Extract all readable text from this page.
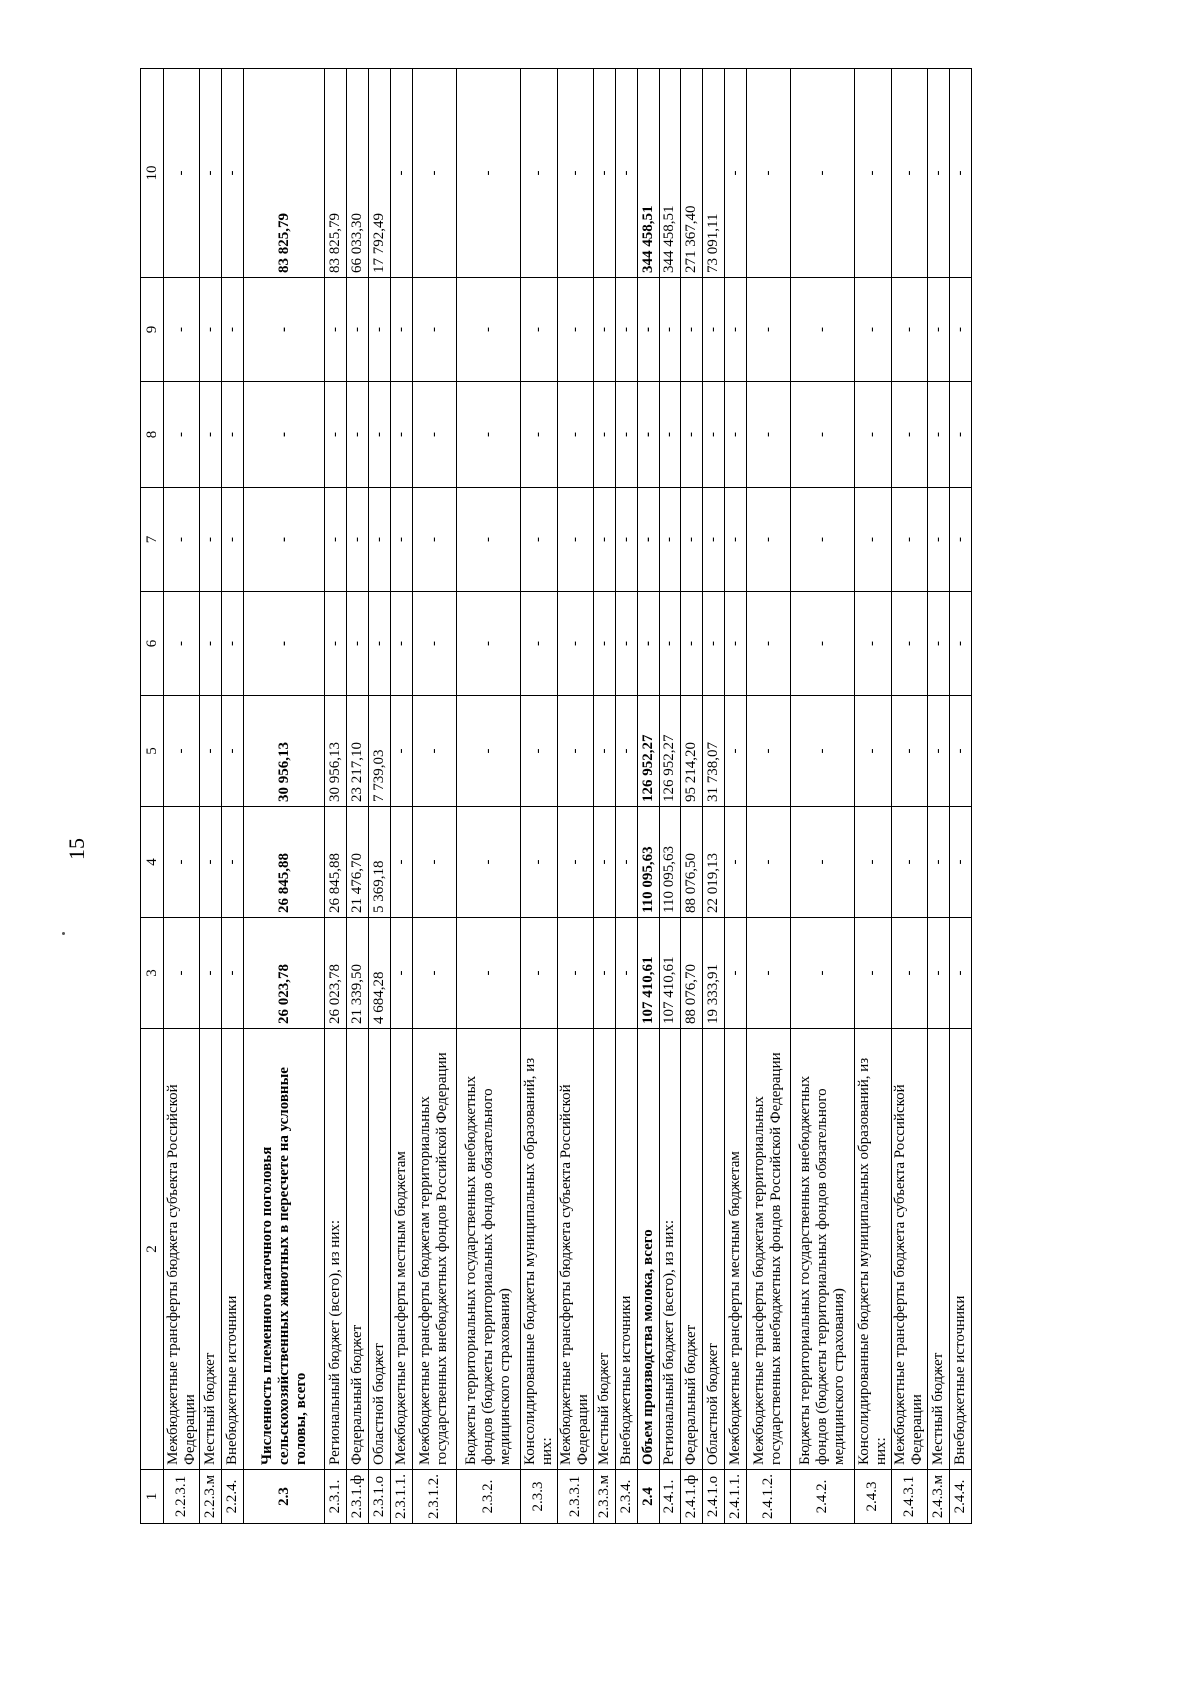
15
1	2	3	4	5	6	7	8	9	10
2.2.3.1	Межбюджетные трансферты бюджета субъекта Российской Федерации	-	-	-	-	-	-	-	-
2.2.3.м	Местный бюджет	-	-	-	-	-	-	-	-
2.2.4.	Внебюджетные источники	-	-	-	-	-	-	-	-
2.3	Численность племенного маточного поголовья сельскохозяйственных животных в пересчете на условные головы, всего	26 023,78	26 845,88	30 956,13	-	-	-	-	83 825,79
2.3.1.	Региональный бюджет (всего), из них:	26 023,78	26 845,88	30 956,13	-	-	-	-	83 825,79
2.3.1.ф	Федеральный бюджет	21 339,50	21 476,70	23 217,10	-	-	-	-	66 033,30
2.3.1.о	Областной бюджет	4 684,28	5 369,18	7 739,03	-	-	-	-	17 792,49
2.3.1.1.	Межбюджетные трансферты местным бюджетам	-	-	-	-	-	-	-	-
2.3.1.2.	Межбюджетные трансферты бюджетам территориальных государственных внебюджетных фондов Российской Федерации	-	-	-	-	-	-	-	-
2.3.2.	Бюджеты территориальных государственных внебюджетных фондов (бюджеты территориальных фондов обязательного медицинского страхования)	-	-	-	-	-	-	-	-
2.3.3	Консолидированные бюджеты муниципальных образований, из них:	-	-	-	-	-	-	-	-
2.3.3.1	Межбюджетные трансферты бюджета субъекта Российской Федерации	-	-	-	-	-	-	-	-
2.3.3.м	Местный бюджет	-	-	-	-	-	-	-	-
2.3.4.	Внебюджетные источники	-	-	-	-	-	-	-	-
2.4	Объем производства молока, всего	107 410,61	110 095,63	126 952,27	-	-	-	-	344 458,51
2.4.1.	Региональный бюджет (всего), из них:	107 410,61	110 095,63	126 952,27	-	-	-	-	344 458,51
2.4.1.ф	Федеральный бюджет	88 076,70	88 076,50	95 214,20	-	-	-	-	271 367,40
2.4.1.о	Областной бюджет	19 333,91	22 019,13	31 738,07	-	-	-	-	73 091,11
2.4.1.1.	Межбюджетные трансферты местным бюджетам	-	-	-	-	-	-	-	-
2.4.1.2.	Межбюджетные трансферты бюджетам территориальных государственных внебюджетных фондов Российской Федерации	-	-	-	-	-	-	-	-
2.4.2.	Бюджеты территориальных государственных внебюджетных фондов (бюджеты территориальных фондов обязательного медицинского страхования)	-	-	-	-	-	-	-	-
2.4.3	Консолидированные бюджеты муниципальных образований, из них:	-	-	-	-	-	-	-	-
2.4.3.1	Межбюджетные трансферты бюджета субъекта Российской Федерации	-	-	-	-	-	-	-	-
2.4.3.м	Местный бюджет	-	-	-	-	-	-	-	-
2.4.4.	Внебюджетные источники	-	-	-	-	-	-	-	-
